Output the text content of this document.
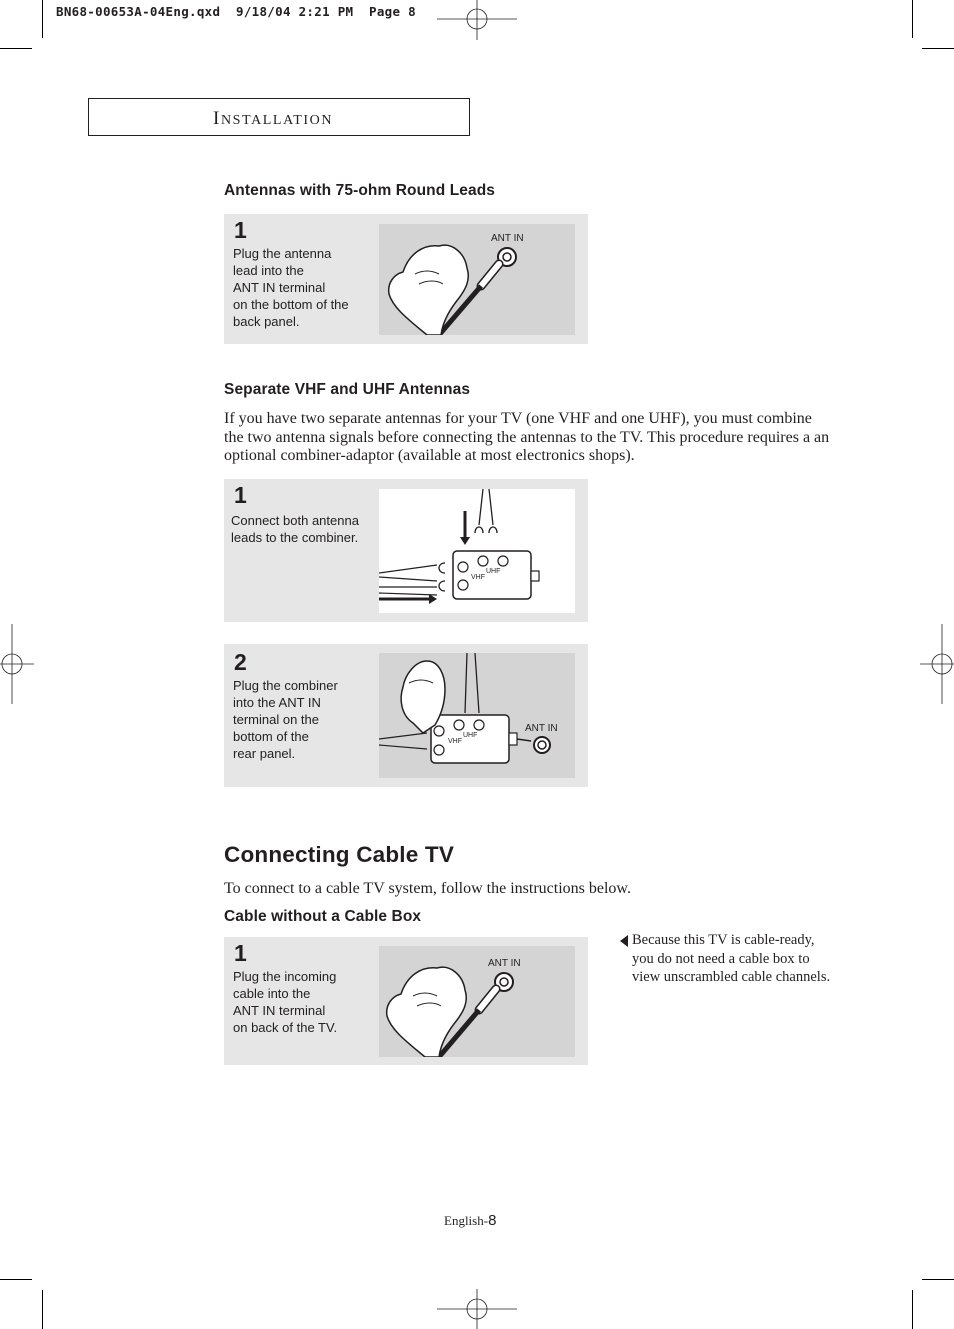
BN68-00653A-04Eng.qxd  9/18/04 2:21 PM  Page 8
INSTALLATION
Antennas with 75-ohm Round Leads
1
Plug the antenna
lead into the
ANT IN terminal
on the bottom of the
back panel.
ANT IN
Separate VHF and UHF Antennas
If you have two separate antennas for your TV (one VHF and one UHF), you must combine the two antenna signals before connecting the antennas to the TV. This procedure requires a an optional combiner-adaptor (available at most electronics shops).
1
Connect both antenna
leads to the combiner.
VHF
UHF
2
Plug the combiner
into the ANT IN
terminal on the
bottom of the
rear panel.
VHF
UHF
ANT IN
Connecting Cable TV
To connect to a cable TV system, follow the instructions below.
Cable without a Cable Box
1
Plug the incoming
cable into the
ANT IN terminal
on back of the TV.
ANT IN
Because this TV is cable-ready,
you do not need a cable box to
view unscrambled cable channels.
English-8
